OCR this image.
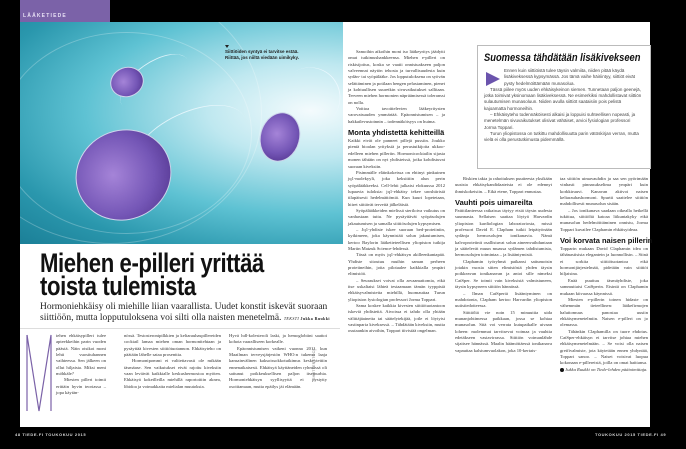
LÄÄKETIEDE
Siittiöiden syntyä ei tarvitse estää.
Riittää, jos niiltä viedään uimikyky.
Miehen e-pilleri yrittää
toista tulemista
Hormoniehkäisy oli miehille liian vaarallista. Uudet konstit iskevät suoraan siittiöön, mutta lopputuloksena voi silti olla naisten menetelmä. TEKSTI Jukka Ruukki
M	iehen ehkäisypilleri tulee apteekkeihin parin vuoden päästä. Näin otsikoi moni lehti vuosituhannen vaihteessa. Sen jälkeen on ollut hiljaista. Miksi meni möhkäle?

Miesten pilleri toimii erittäin hyvin teoriassa – jopa käytän-

nössä. Testosteronipilkkien ja keltarauhaspillereiden cocktail lamaa miehen oman hormonitehtaan ja pysäyttää kivesten siittiötuotannon. Ehkäisyteho on päätään lähelle sataa prosenttia.

Hormonipommi ei valitettavasti ole mikään täsmäase. Sen vaikutukset eivät rajoitu kiveksiin vaan leviävät kaikkialle keskushermostoa myöten. Ehkäisyä kokeilleilla miehillä raportoitiin akneа, libidoa ja voimakkaita mielialan muutoksia.

Hyvä hdl-kolesteroli laski, ja hemoglobiini saattoi kohota vaaralliseen korkealle.

Epäonnistumisen vaikeni vuonna 2011, kun Maailman terveysjärjestön WHO:n tukema laaja kansainvälinen kaksoissokkotutkimus keskeytettiin ennenaikaisesti. Ehkäisyä käyttäneiden ryhmässä oli sattunut poikkeuksellisen paljon itsemurhia. Hormoniehkäisyn syyllisyyttä ei pystytty osoittamaan, mutta epäilys jäi elämään.

SHUTTERSTOCK

Samoihin aikoihin moni iso lääkeyritys jäädytti omat tutkimushankkeensa. Miehen e-pilleri on riskisijoitus, koska se vaatii onnistuakseen paljon valveennat näytön tehosta ja turvallisuudesta kuin sydän- tai syöpälääke. Jos lopputuloksena on syövän selättäminen ja potilaan hengen pelastaminen, pienet ja kohtuullisen suuretkin sivuvaikutukset sallitaan. Terveen miehen hormonien näpräämisessä toleranssi on nolla.

Voittoa tavoittelevien lääkeyritysten varovaisuuden ymmärtää. Epäonnistumisen – ja hakkailevustoinnin – todennäköisyys on huima.

Monta yhdistettä kehitteillä

Kaikki eivät ole panneet pillejä pussiin. Joukko pieniä bioalan yrityksiä ja perustutkijoita ukkoo-edelleen miehen pilleriin. Hormonicocktailin sijasta monen tähtäin on nyt yhdisteissä, jotka kohdistuvat suoraan kiveksiin.

Pisimmälle eläinkokeissa on ehtinyt pinkuinen jq1-molekyyli, joka keksittiin alun perin syöpälääkkeeksi. Cell-lehti julkaisi elokuussa 2012 lupaavia tuloksia: jq1-ehkäisy tekee uroshiiristä tilapäisesti hedelmättömiä. Kun kuuri lopetetaan, hiiret siittävät terveitä jälkeläisiä.

Syöpälääkkeiden mielissä steriloiva vaikutus on vanhastaan tuttu. Ne pysäyttävät syöpäsolujen jakautumisen ja samalla siittiösolujen kypsymisen.

– Jq1-yhdiste iskee suoraan bed-proteiiniin, kytkimeen, joka käynnistää solun jakautumisen, kertoo Baylorin lääketieteellisen yliopiston tutkija Martin Matzuk Science-lehdessä.

Tässä on myös jq1-ehkäisyn akilleenkantapää. Yhdiste sitoutuu muihin saman perheen proteiineihin, joita pilotaalee kaikkialla ympäri elimistöä.

– Seuraukset voivat olla arvaamattomia, eikä itse uskaltaisi lähteä testaamaan tämän tyyppistä ehkäisyvalmistetta miehillä, huomauttaa Turun yliopiston fysiologian professori Jorma Toppari.

Sama koskee kaikkia kivesten siittiötuotantoon iskeviä yhdisteitä. Aivoissa ei tahdo olla yhtään välittäjäainetta tai säätelytekijää, jotle ei löytyisi vastinparia kiveksessä. – Tähdätään kiveksiin, mutta osutaankin aivoihin, Toppari tiivistää ongelman.

Suomessa tähdätään lisäkivekseen

Ennen kuin siittiöistä tulee täysin valmiita, niiden pitää käydä lisäkiveksessä kypsymässä. Jos tämä vaihe häiriintyy, siittiöt eivät pysty hedelmöittämään munasolua.

Tässä piilee myös uuden ehkäisykeinon siemen. Tunnetaan paljon geenejä, jotka toimivat yksinomaan lisäkiveksessä. Ne esimerkiksi mahdollistavat siittiön sulautumisen munasoluun. Niiden avulla siittiöt saataisiin pois pelistä kajoamatta hormoneihin.

– Ehkäisyteho todennäköisesti alkaisi ja loppuisi suhteellisen nopeasti, ja menetelmän sivuvaikutukset olisivat vähäiset, arvioi fysiologian professori Jorma Toppari.

Turun yliopistossa on tutkittu mahdollisuutta parin vätöskirjan verran, mutta vielä ei olla perustutkimusta pidemmällä.

Riskien takia ja rahoituksen puutteesta yksikään uusista ehkäisykandidaateista ei ole edennyt ihmiskokeisiin. – Eikä etene, Toppari ennustaa.

Vauhti pois uimareilta

Pattitilanteessa ratkaisua täytyy etsiä täysin uudesta suunnasta. Sellaisen saattaa löytyä Harvardin yliopiston kardiologian laboratoriosta, missä professori David E. Clapham tutkii leipätyönään sydänja hermosolujen ionikanavia. Nämä kalvoproteiinit osallistuvat solun aineenvaihduntaan ja säätelevät muun muassa sydämen tahdistumista, hermosolujen toimintaa – ja lisääntymistä.

Claphamin työryhmä paikansi sattumoisin jotakin vuosia sitten elimistöstä yhden täysin poikkeavan ionikanavan ja antoi sille nimeksi CatSper. Se toimii vain kiveksistä valmistuneen, täysin kypsyneen siittiön hännässä.

– Ilman CatSperiä lisääntyminen on mahdotonta, Clapham kertoo Harvardin yliopiston uutistiedotteessa.

Siittiöltä vie noin 15 minuuttia uida munanjohtimessa paikkaan, jossa se kohtaa munasolun. Sitä voi verrata kutupaikalle uivaan loheen: molemmat tarvitsevat voimaa ja vauhtia edetäkseen vastavirrassa. Siittiön voimanlähde sijaitsee hännässä. Maalin häämöttäessä ionikanava vapauttaa kalsiumvuolakon, joka 10-kertais-

taa siittiön uimavauhdin ja saa sen pyörimään vinhasti pinnasukselima ympäri kuin korkkiruuvi. Kanavan aktivoi naisen keltarauhashormoni. Spurtti saattelee siittiön mahdollisesti munasolun sisään.

– Jos ionikanava saadaan oikealla hetkellä tukittua, siittiöltä katoaa liikuntakyky eikä munasolun hedelmöittäminen onnistu, Jorma Toppari kuvailee Claphamin ehkäisyideaa.

Voi korvata naisen pillerin

Topparin mukaan David Claphamin idea on tähänastisista elegantein ja luonnollisin. – Siinä ei sorkita siittiötuotantoa eikä hormonijärjestelmää, pidetään vain siittiöt hiljaisina.

Enää puuttuu täsmäyhdiste, joka sammuttaisi CatSperin. Etsintä on Claphamin mukaan kiivaassa käynnissä.

Miesten e-pillerin toinen hidaste on vähemmän tieteellinen: lääkefirmojen haluttomuus panostaa uusiin ehkäisymenetelmiin. Naisen e-pilleri on jo olemassa.

Tähänkin Claphamilla on tuore ehdotus. CatSper-ehkäisyn ei tarvitse johtaa miehen ehkäisymenetelmään. – Se voisi olla naisen greifivalmiste, jota käytetään ennen yhdyntää, Toppari sanoo. – Naiset voisivat luopua kokonaan e-pillereistä, joilla on omat haittansa.

Jukka Ruukki on Tiede-lehden päätoimittaja.

48 TIEDE.FI TOUKOKUU 2015	TOUKOKUU 2015 TIEDE.FI 49
